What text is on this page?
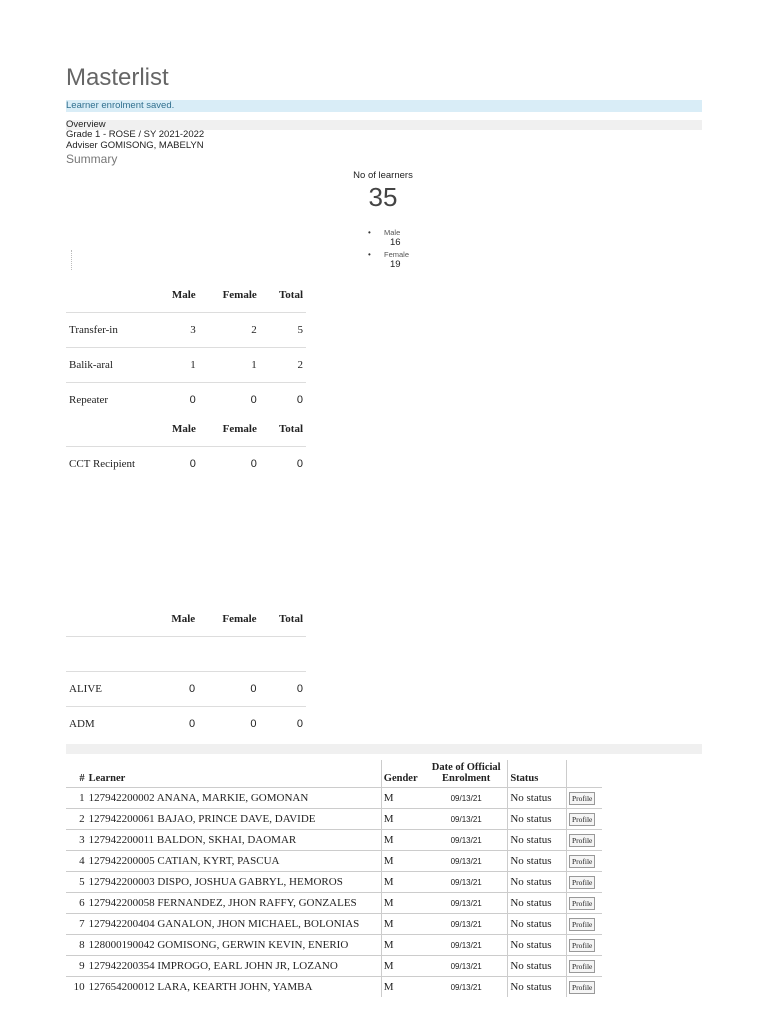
Masterlist
Learner enrolment saved.
Overview
Grade 1 - ROSE / SY 2021-2022
Adviser GOMISONG, MABELYN
Summary
No of learners
35
• Male
16
• Female
19
	Male	Female	Total
Transfer-in	3	2	5
Balik-aral	1	1	2
Repeater	0	0	0
	Male	Female	Total
CCT Recipient	0	0	0
	Male	Female	Total

ALIVE	0	0	0
ADM	0	0	0
#	Learner	Gender	Date of Official
Enrolment	Status	
1	127942200002 ANANA, MARKIE, GOMONAN	M	09/13/21	No status	Profile
2	127942200061 BAJAO, PRINCE DAVE, DAVIDE	M	09/13/21	No status	Profile
3	127942200011 BALDON, SKHAI, DAOMAR	M	09/13/21	No status	Profile
4	127942200005 CATIAN, KYRT, PASCUA	M	09/13/21	No status	Profile
5	127942200003 DISPO, JOSHUA GABRYL, HEMOROS	M	09/13/21	No status	Profile
6	127942200058 FERNANDEZ, JHON RAFFY, GONZALES	M	09/13/21	No status	Profile
7	127942200404 GANALON, JHON MICHAEL, BOLONIAS	M	09/13/21	No status	Profile
8	128000190042 GOMISONG, GERWIN KEVIN, ENERIO	M	09/13/21	No status	Profile
9	127942200354 IMPROGO, EARL JOHN JR, LOZANO	M	09/13/21	No status	Profile
10	127654200012 LARA, KEARTH JOHN, YAMBA	M	09/13/21	No status	Profile
